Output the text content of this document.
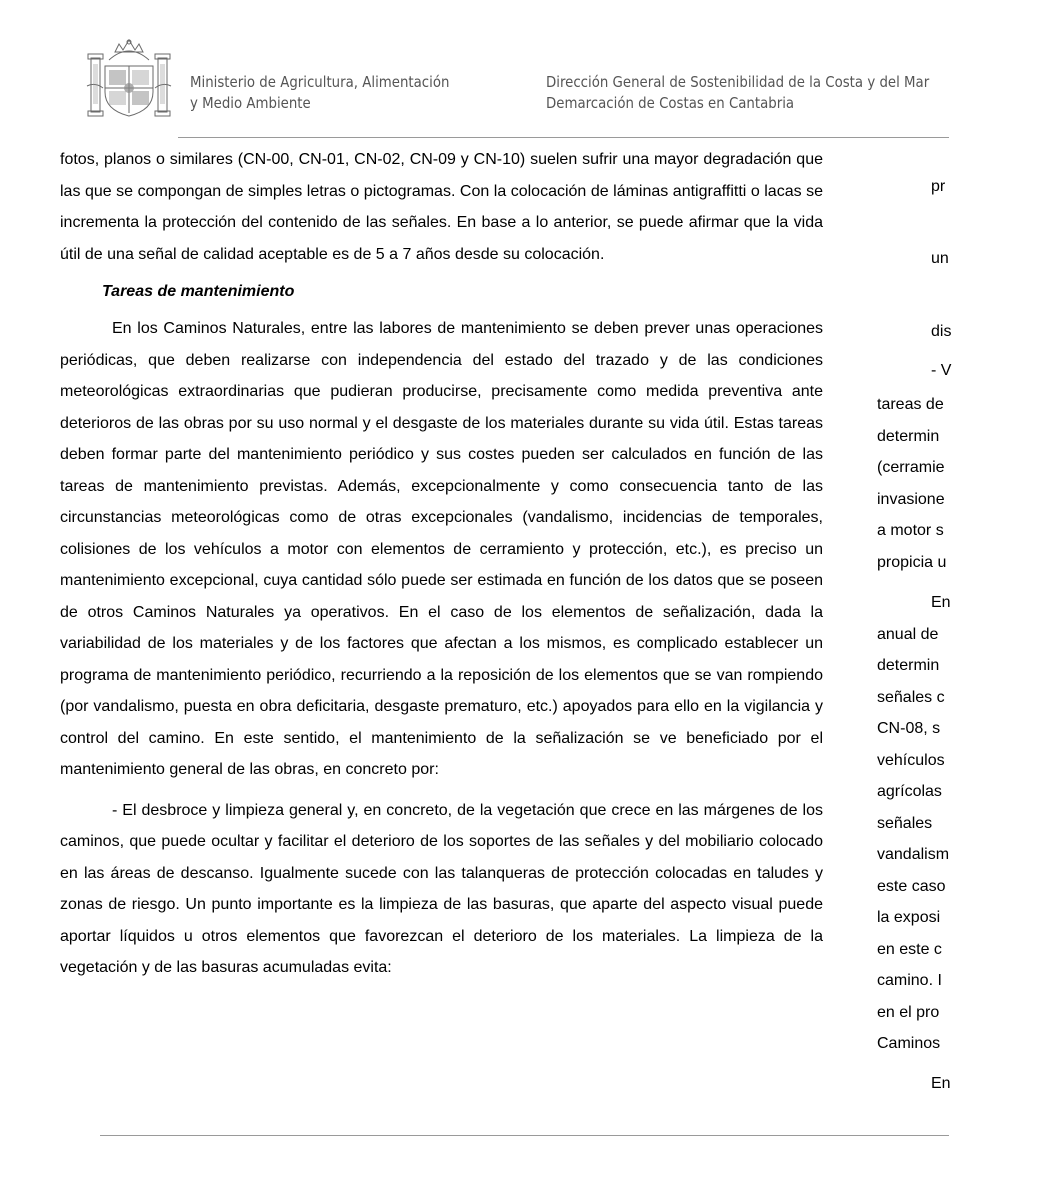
Ministerio de Agricultura, Alimentación
y Medio Ambiente
Dirección General de Sostenibilidad de la Costa y del Mar
Demarcación de Costas en Cantabria

fotos, planos o similares (CN-00, CN-01, CN-02, CN-09 y CN-10) suelen sufrir una mayor degradación que las que se compongan de simples letras o pictogramas. Con la colocación de láminas antigraffitti o lacas se incrementa la protección del contenido de las señales. En base a lo anterior, se puede afirmar que la vida útil de una señal de calidad aceptable es de 5 a 7 años desde su colocación.

Tareas de mantenimiento

En los Caminos Naturales, entre las labores de mantenimiento se deben prever unas operaciones periódicas, que deben realizarse con independencia del estado del trazado y de las condiciones meteorológicas extraordinarias que pudieran producirse, precisamente como medida preventiva ante deterioros de las obras por su uso normal y el desgaste de los materiales durante su vida útil. Estas tareas deben formar parte del mantenimiento periódico y sus costes pueden ser calculados en función de las tareas de mantenimiento previstas. Además, excepcionalmente y como consecuencia tanto de las circunstancias meteorológicas como de otras excepcionales (vandalismo, incidencias de temporales, colisiones de los vehículos a motor con elementos de cerramiento y protección, etc.), es preciso un mantenimiento excepcional, cuya cantidad sólo puede ser estimada en función de los datos que se poseen de otros Caminos Naturales ya operativos. En el caso de los elementos de señalización, dada la variabilidad de los materiales y de los factores que afectan a los mismos, es complicado establecer un programa de mantenimiento periódico, recurriendo a la reposición de los elementos que se van rompiendo (por vandalismo, puesta en obra deficitaria, desgaste prematuro, etc.) apoyados para ello en la vigilancia y control del camino. En este sentido, el mantenimiento de la señalización se ve beneficiado por el mantenimiento general de las obras, en concreto por:

- El desbroce y limpieza general y, en concreto, de la vegetación que crece en las márgenes de los caminos, que puede ocultar y facilitar el deterioro de los soportes de las señales y del mobiliario colocado en las áreas de descanso. Igualmente sucede con las talanqueras de protección colocadas en taludes y zonas de riesgo. Un punto importante es la limpieza de las basuras, que aparte del aspecto visual puede aportar líquidos u otros elementos que favorezcan el deterioro de los materiales. La limpieza de la vegetación y de las basuras acumuladas evita:

pr
un
dis
- V
tareas de
determin
(cerramie
invasione
a motor s
propicia u
En
anual de
determin
señales c
CN-08, s
vehículos
agrícolas
señales
vandalism
este caso
la exposi
en este c
camino. I
en el pro
Caminos
En
